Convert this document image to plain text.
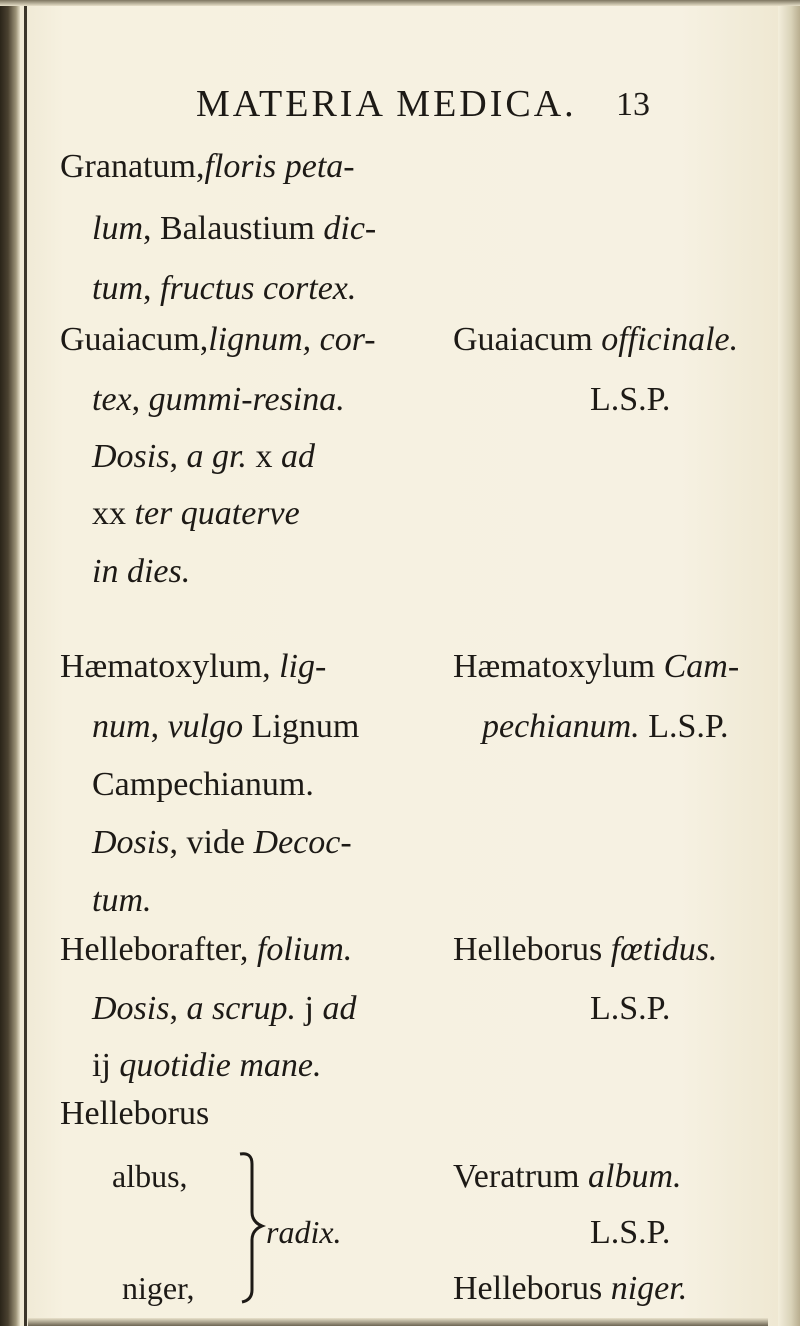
MATERIA MEDICA. 13
Granatum,floris peta-
lum, Balaustium dic-
tum, fructus cortex.
Guaiacum,lignum, cor-
tex, gummi-resina.
Dosis, a gr. x ad
xx ter quaterve
in dies.
Hæmatoxylum, lig-
num, vulgo Lignum
Campechianum.
Dosis, vide Decoc-
tum.
Helleborafter, folium.
Dosis, a scrup. j ad
ij quotidie mane.
Helleborus
albus,
niger,
radix.
Guaiacum officinale.
L.S.P.
Hæmatoxylum Cam-
pechianum. L.S.P.
Helleborus fœtidus.
L.S.P.
Veratrum album.
L.S.P.
Helleborus niger.
